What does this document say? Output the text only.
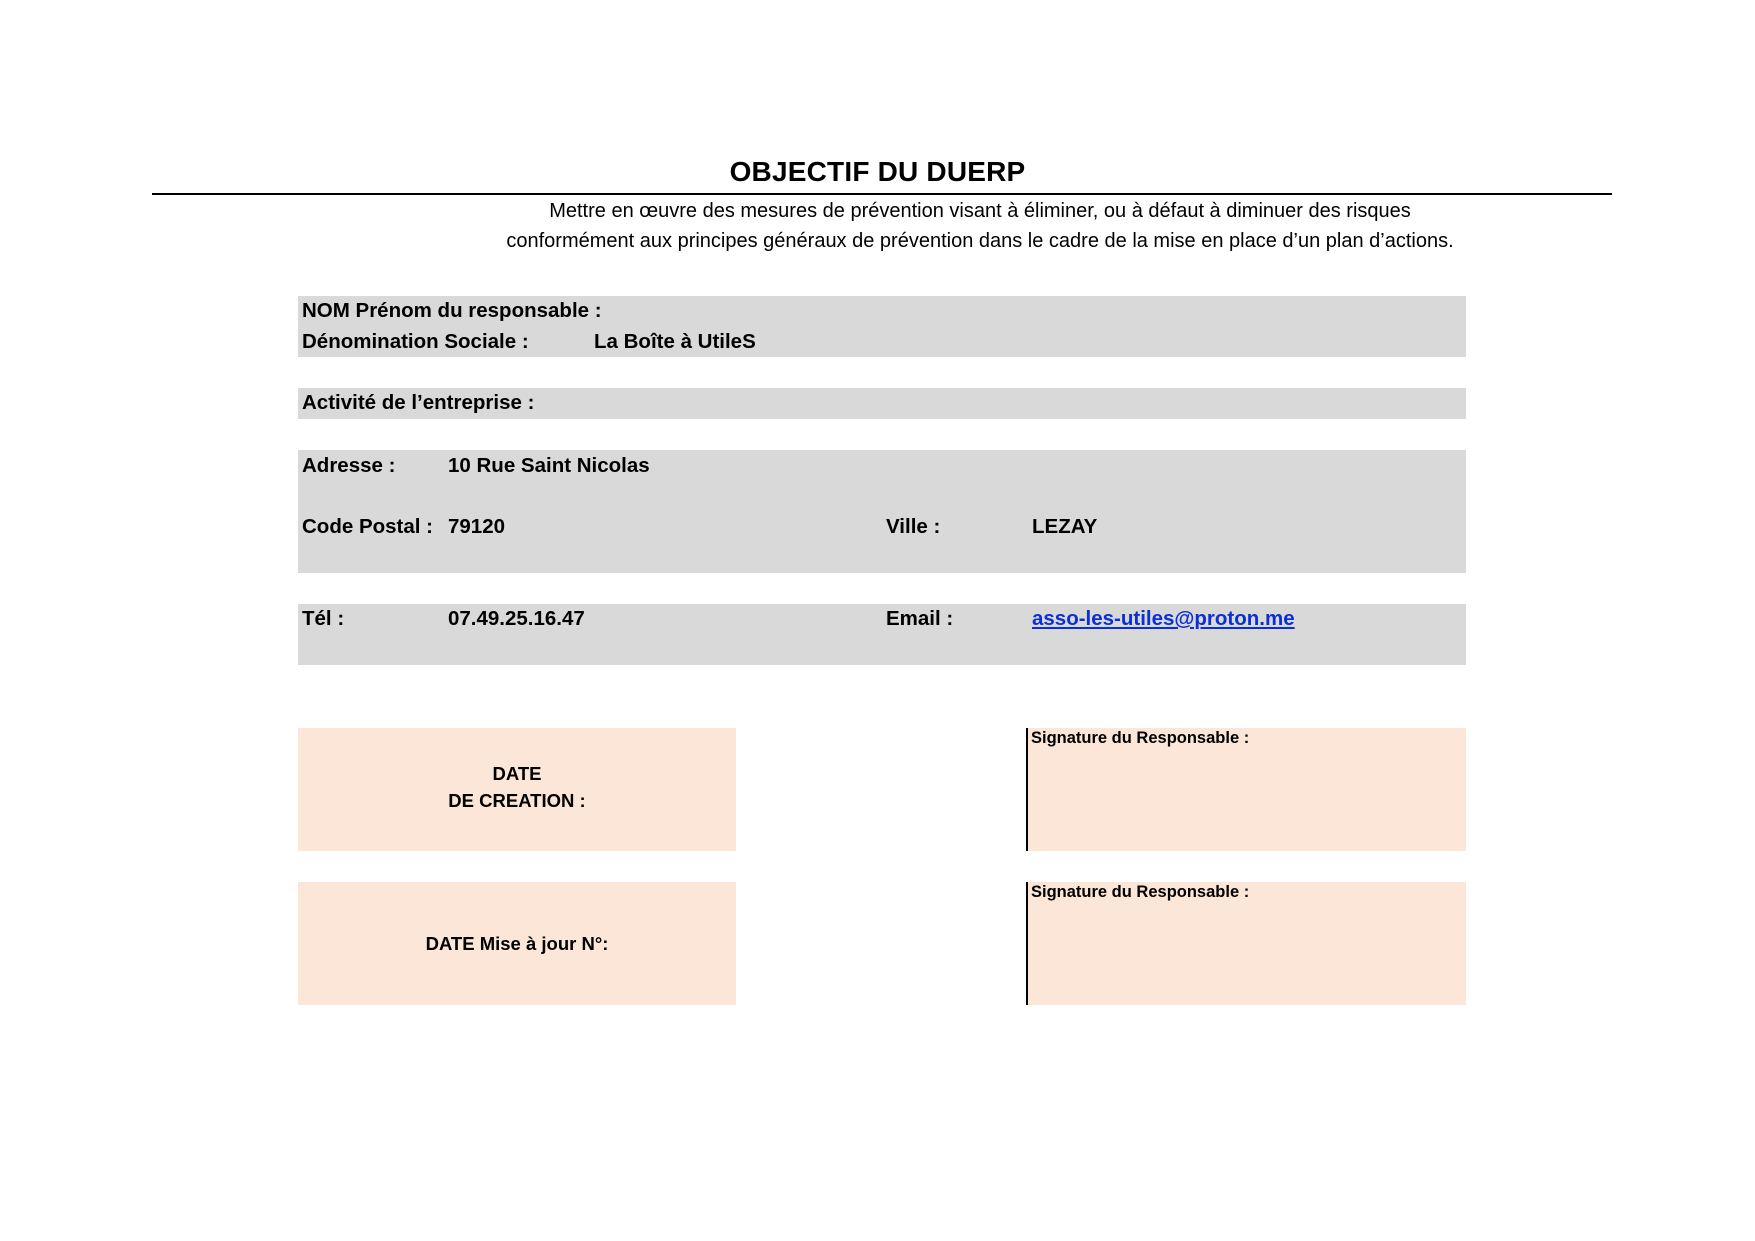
OBJECTIF DU DUERP
Mettre en œuvre des mesures de prévention visant à éliminer, ou à défaut à diminuer des risques
conformément aux principes généraux de prévention dans le cadre de la mise en place d’un plan d’actions.
NOM Prénom du responsable :
Dénomination Sociale :	La Boîte à UtileS
Activité de l’entreprise :
Adresse :	10 Rue Saint Nicolas
Code Postal : 79120	Ville :	LEZAY
Tél :	07.49.25.16.47	Email :	asso-les-utiles@proton.me
DATE
DE CREATION :
Signature du Responsable :
DATE Mise à jour N°:
Signature du Responsable :
